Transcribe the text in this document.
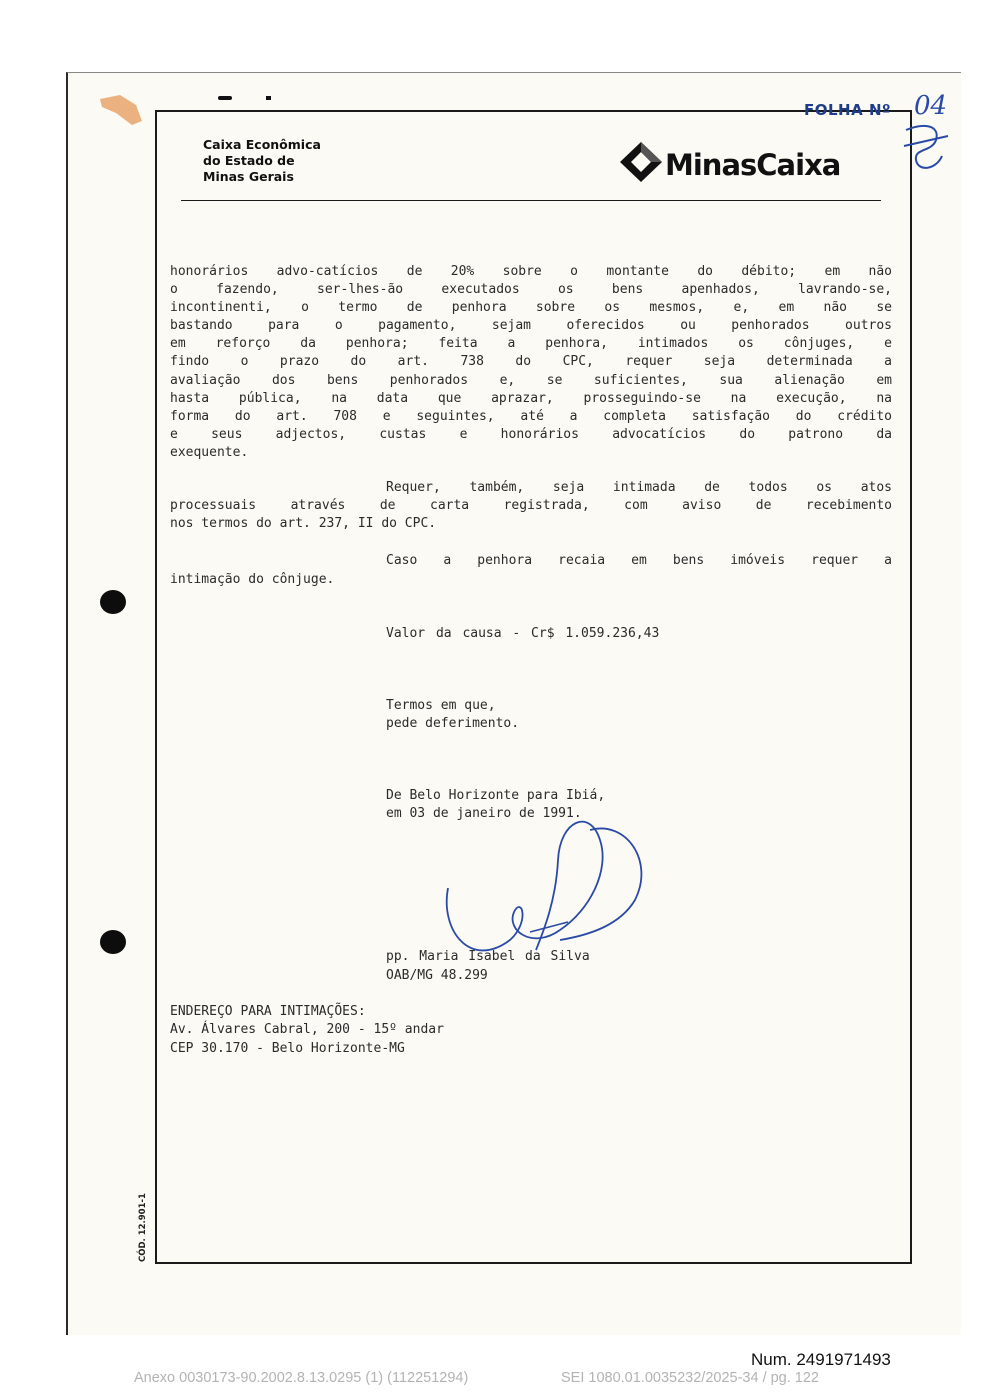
Caixa Econômica
do Estado de
Minas Gerais	MinasCaixa
FOLHA Nº 04
honorários advo-catícios de 20% sobre o montante do débito; em não
o fazendo, ser-lhes-ão executados os bens apenhados, lavrando-se,
incontinenti, o termo de penhora sobre os mesmos, e, em não se
bastando para o pagamento, sejam oferecidos ou penhorados outros
em reforço da penhora; feita a penhora, intimados os cônjuges, e
findo o prazo do art. 738 do CPC, requer seja determinada a
avaliação dos bens penhorados e, se suficientes, sua alienação em
hasta pública, na data que aprazar, prosseguindo-se na execução, na
forma do art. 708 e seguintes, até a completa satisfação do crédito
e seus adjectos, custas e honorários advocatícios do patrono da
exequente.
Requer, também, seja intimada de todos os atos
processuais através de carta registrada, com aviso de recebimento
nos termos do art. 237, II do CPC.
Caso a penhora recaia em bens imóveis requer a
intimação do cônjuge.
Valor da causa - Cr$ 1.059.236,43
Termos em que,
pede deferimento.
De Belo Horizonte para Ibiá,
em 03 de janeiro de 1991.
pp. Maria Isabel da Silva
OAB/MG 48.299
ENDEREÇO PARA INTIMAÇÕES:
Av. Álvares Cabral, 200 - 15º andar
CEP 30.170 - Belo Horizonte-MG
CÓD. 12.901-1
Num. 2491971493
Anexo 0030173-90.2002.8.13.0295 (1) (112251294)	SEI 1080.01.0035232/2025-34 / pg. 122
